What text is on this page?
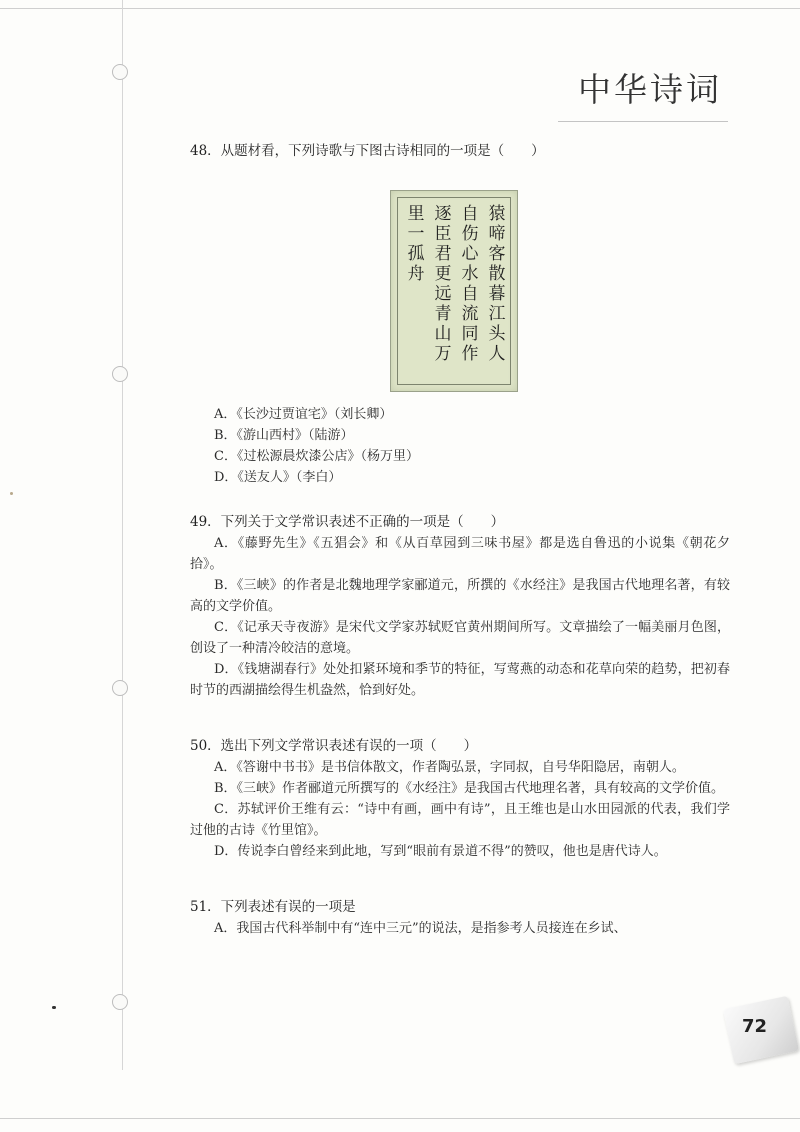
中华诗词

48．从题材看，下列诗歌与下图古诗相同的一项是（　　）

猿啼客散暮江头人
自伤心水自流同作
逐臣君更远青山万
里一孤舟

A．《长沙过贾谊宅》（刘长卿）

B．《游山西村》（陆游）

C．《过松源晨炊漆公店》（杨万里）

D．《送友人》（李白）

49．下列关于文学常识表述不正确的一项是（　　）

A．《藤野先生》《五猖会》和《从百草园到三味书屋》都是选自鲁迅的小说集《朝花夕拾》。

B．《三峡》的作者是北魏地理学家郦道元，所撰的《水经注》是我国古代地理名著，有较高的文学价值。

C．《记承天寺夜游》是宋代文学家苏轼贬官黄州期间所写。文章描绘了一幅美丽月色图，创设了一种清冷皎洁的意境。

D．《钱塘湖春行》处处扣紧环境和季节的特征，写莺燕的动态和花草向荣的趋势，把初春时节的西湖描绘得生机盎然，恰到好处。

50．选出下列文学常识表述有误的一项（　　）

A．《答谢中书书》是书信体散文，作者陶弘景，字同叔，自号华阳隐居，南朝人。

B．《三峡》作者郦道元所撰写的《水经注》是我国古代地理名著，具有较高的文学价值。

C．苏轼评价王维有云：“诗中有画，画中有诗”，且王维也是山水田园派的代表，我们学过他的古诗《竹里馆》。

D．传说李白曾经来到此地，写到“眼前有景道不得”的赞叹，他也是唐代诗人。

51．下列表述有误的一项是

A．我国古代科举制中有“连中三元”的说法，是指参考人员接连在乡试、

72
